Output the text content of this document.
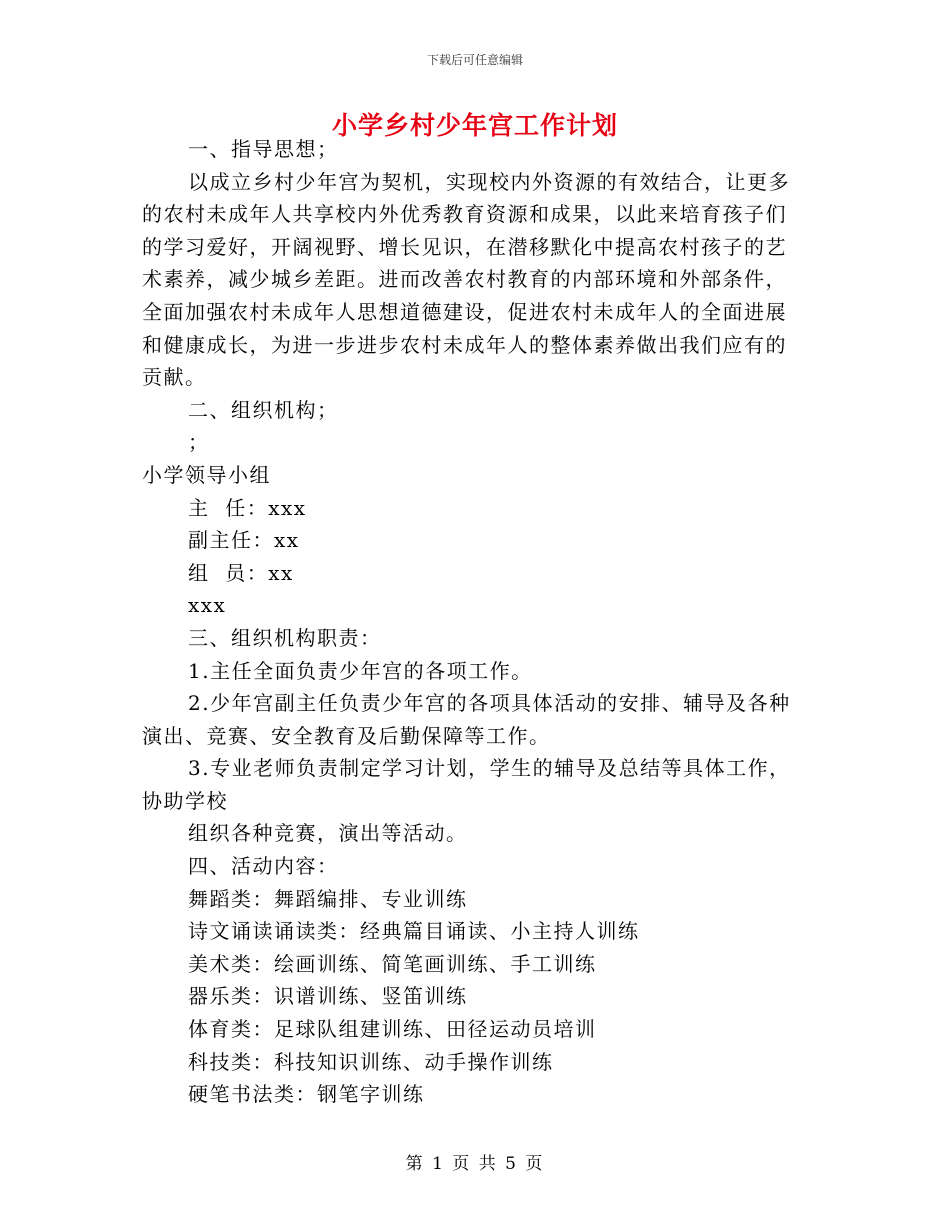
下载后可任意编辑
小学乡村少年宫工作计划

一、指导思想；

以成立乡村少年宫为契机，实现校内外资源的有效结合，让更多的农村未成年人共享校内外优秀教育资源和成果，以此来培育孩子们的学习爱好，开阔视野、增长见识，在潜移默化中提高农村孩子的艺术素养，减少城乡差距。进而改善农村教育的内部环境和外部条件，全面加强农村未成年人思想道德建设，促进农村未成年人的全面进展和健康成长，为进一步进步农村未成年人的整体素养做出我们应有的贡献。

二、组织机构；

；

小学领导小组

主  任：xxx

副主任：xx

组  员：xx

xxx

三、组织机构职责：

1.主任全面负责少年宫的各项工作。

2.少年宫副主任负责少年宫的各项具体活动的安排、辅导及各种演出、竞赛、安全教育及后勤保障等工作。

3.专业老师负责制定学习计划，学生的辅导及总结等具体工作，协助学校

组织各种竞赛，演出等活动。

四、活动内容：

舞蹈类：舞蹈编排、专业训练

诗文诵读诵读类：经典篇目诵读、小主持人训练

美术类：绘画训练、简笔画训练、手工训练

器乐类：识谱训练、竖笛训练

体育类：足球队组建训练、田径运动员培训

科技类：科技知识训练、动手操作训练

硬笔书法类：钢笔字训练

第 1 页 共 5 页
